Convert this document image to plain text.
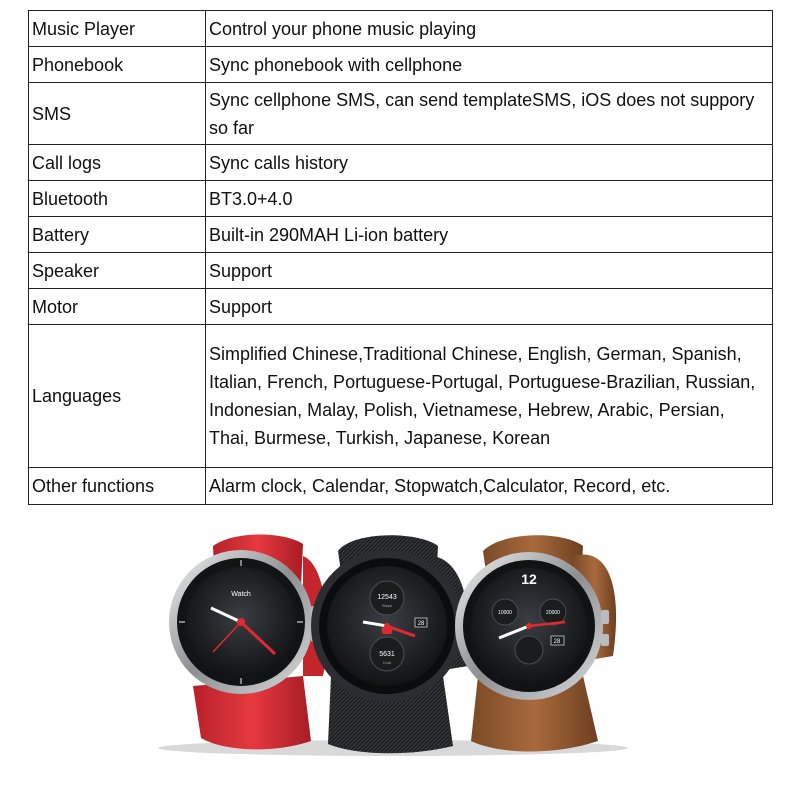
Music Player	Control your phone music playing
Phonebook	Sync phonebook with cellphone
SMS	Sync cellphone SMS, can send templateSMS, iOS does not suppory so far
Call logs	Sync calls history
Bluetooth	BT3.0+4.0
Battery	Built-in 290MAH Li-ion battery
Speaker	Support
Motor	Support
Languages	Simplified Chinese,Traditional Chinese, English, German, Spanish, Italian, French, Portuguese-Portugal, Portuguese-Brazilian, Russian, Indonesian, Malay, Polish, Vietnamese, Hebrew, Arabic, Persian, Thai, Burmese, Turkish, Japanese, Korean
Other functions	Alarm clock, Calendar, Stopwatch,Calculator, Record, etc.
Watch	12543
Steps
5631
Kcal
28
12
10000	20000
28
